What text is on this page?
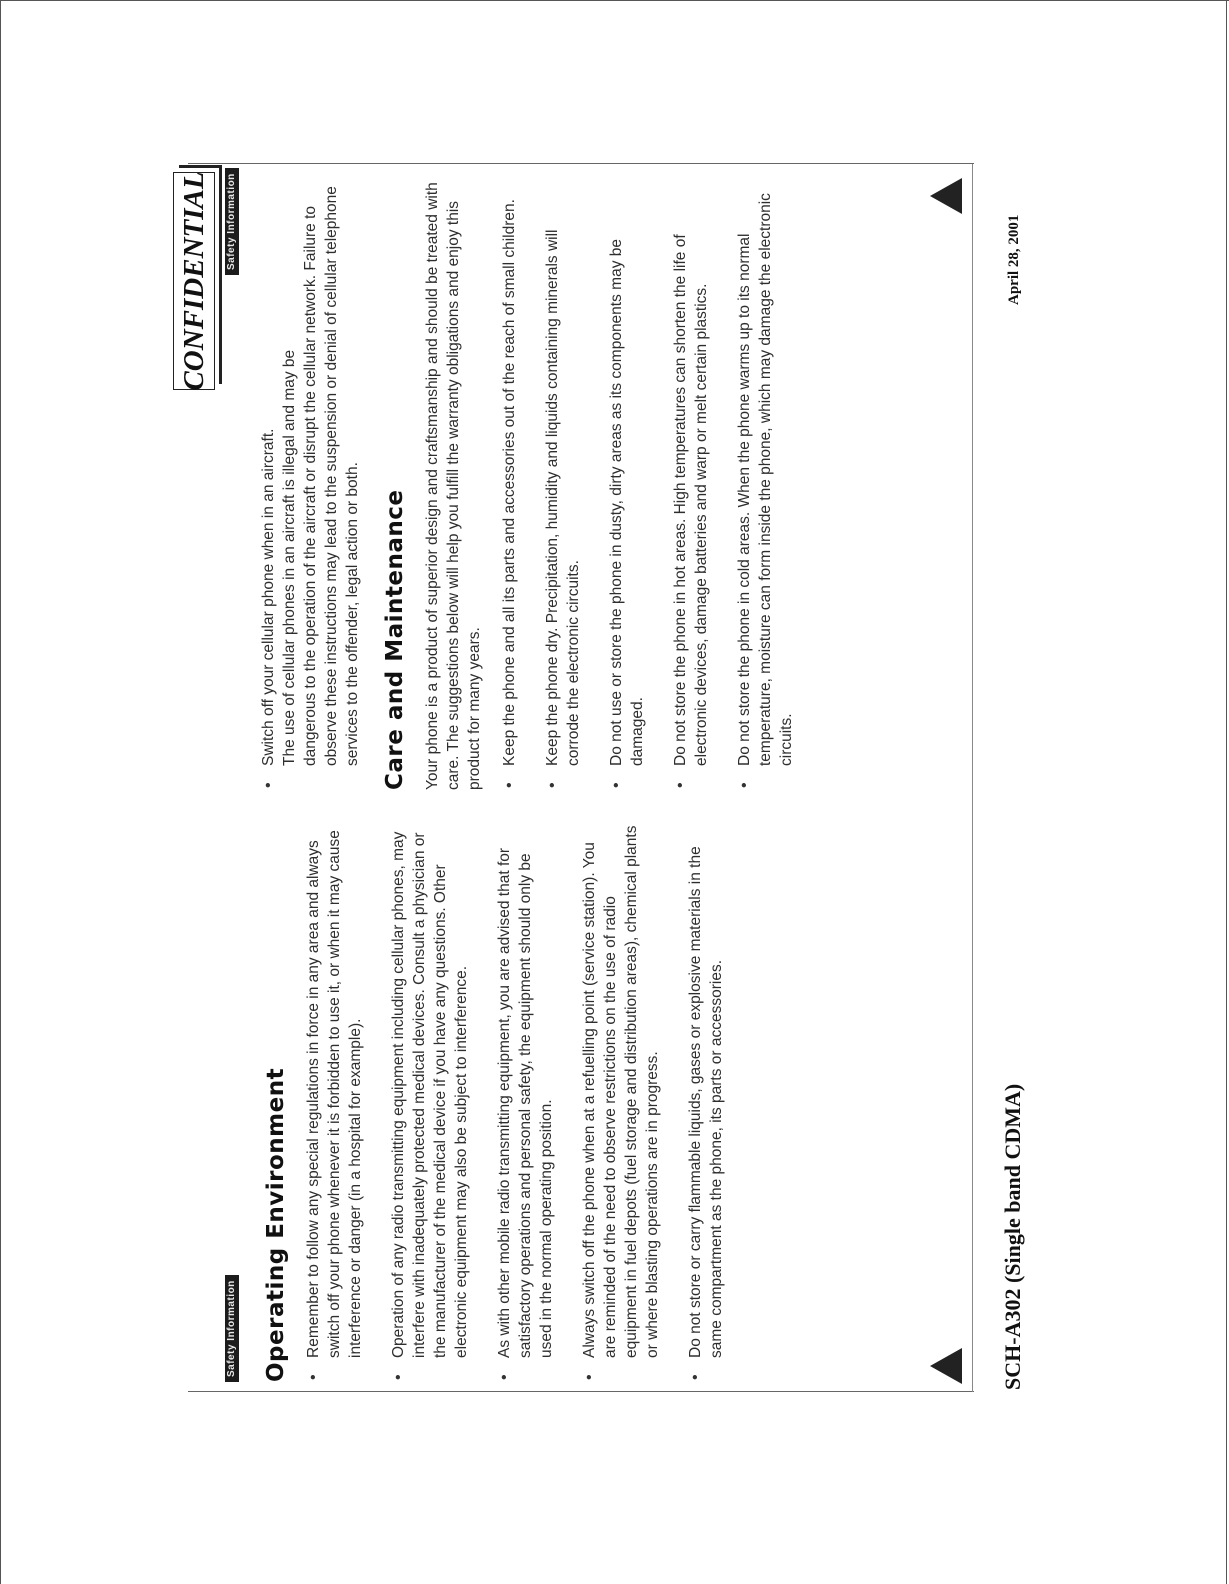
CONFIDENTIAL
Safety Information
Safety Information
Operating Environment • Remember to follow any special regulations in force in any area and always switch off your phone whenever it is forbidden to use it, or when it may cause interference or danger (in a hospital for example). • Operation of any radio transmitting equipment including cellular phones, may interfere with inadequately protected medical devices. Consult a physician or the manufacturer of the medical device if you have any questions. Other electronic equipment may also be subject to interference. • As with other mobile radio transmitting equipment, you are advised that for satisfactory operations and personal safety, the equipment should only be used in the normal operating position. • Always switch off the phone when at a refuelling point (service station). You are reminded of the need to observe restrictions on the use of radio equipment in fuel depots (fuel storage and distribution areas), chemical plants or where blasting operations are in progress. • Do not store or carry flammable liquids, gases or explosive materials in the same compartment as the phone, its parts or accessories.
• Switch off your cellular phone when in an aircraft. The use of cellular phones in an aircraft is illegal and may be dangerous to the operation of the aircraft or disrupt the cellular network. Failure to observe these instructions may lead to the suspension or denial of cellular telephone services to the offender, legal action or both. Care and Maintenance Your phone is a product of superior design and craftsmanship and should be treated with care. The suggestions below will help you fulfill the warranty obligations and enjoy this product for many years. • Keep the phone and all its parts and accessories out of the reach of small children. • Keep the phone dry. Precipitation, humidity and liquids containing minerals will corrode the electronic circuits. • Do not use or store the phone in dusty, dirty areas as its components may be damaged. • Do not store the phone in hot areas. High temperatures can shorten the life of electronic devices, damage batteries and warp or melt certain plastics. • Do not store the phone in cold areas. When the phone warms up to its normal temperature, moisture can form inside the phone, which may damage the electronic circuits.
SCH-A302 (Single band CDMA)
April 28, 2001
